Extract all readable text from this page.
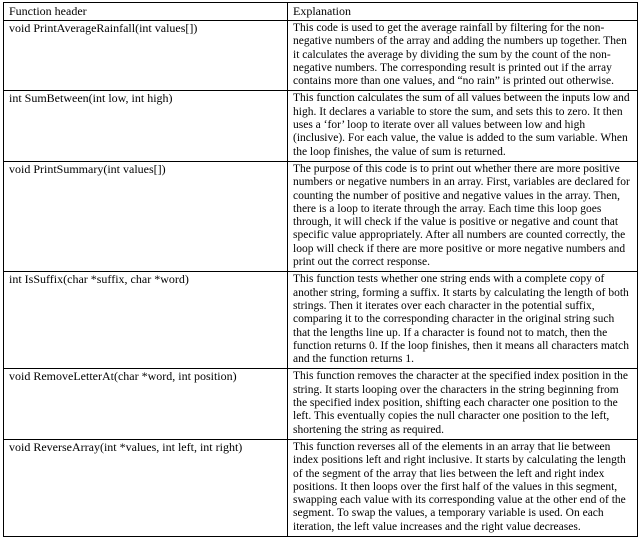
Function header	Explanation
void PrintAverageRainfall(int values[])	This code is used to get the average rainfall by filtering for the non-negative numbers of the array and adding the numbers up together. Then it calculates the average by dividing the sum by the count of the non-negative numbers. The corresponding result is printed out if the array contains more than one values, and “no rain” is printed out otherwise.
int SumBetween(int low, int high)	This function calculates the sum of all values between the inputs low and high. It declares a variable to store the sum, and sets this to zero. It then uses a ‘for’ loop to iterate over all values between low and high (inclusive). For each value, the value is added to the sum variable. When the loop finishes, the value of sum is returned.
void PrintSummary(int values[])	The purpose of this code is to print out whether there are more positive numbers or negative numbers in an array. First, variables are declared for counting the number of positive and negative values in the array. Then, there is a loop to iterate through the array. Each time this loop goes through, it will check if the value is positive or negative and count that specific value appropriately. After all numbers are counted correctly, the loop will check if there are more positive or more negative numbers and print out the correct response.
int IsSuffix(char *suffix, char *word)	This function tests whether one string ends with a complete copy of another string, forming a suffix. It starts by calculating the length of both strings. Then it iterates over each character in the potential suffix, comparing it to the corresponding character in the original string such that the lengths line up. If a character is found not to match, then the function returns 0. If the loop finishes, then it means all characters match and the function returns 1.
void RemoveLetterAt(char *word, int position)	This function removes the character at the specified index position in the string. It starts looping over the characters in the string beginning from the specified index position, shifting each character one position to the left. This eventually copies the null character one position to the left, shortening the string as required.
void ReverseArray(int *values, int left, int right)	This function reverses all of the elements in an array that lie between index positions left and right inclusive. It starts by calculating the length of the segment of the array that lies between the left and right index positions. It then loops over the first half of the values in this segment, swapping each value with its corresponding value at the other end of the segment. To swap the values, a temporary variable is used. On each iteration, the left value increases and the right value decreases.
